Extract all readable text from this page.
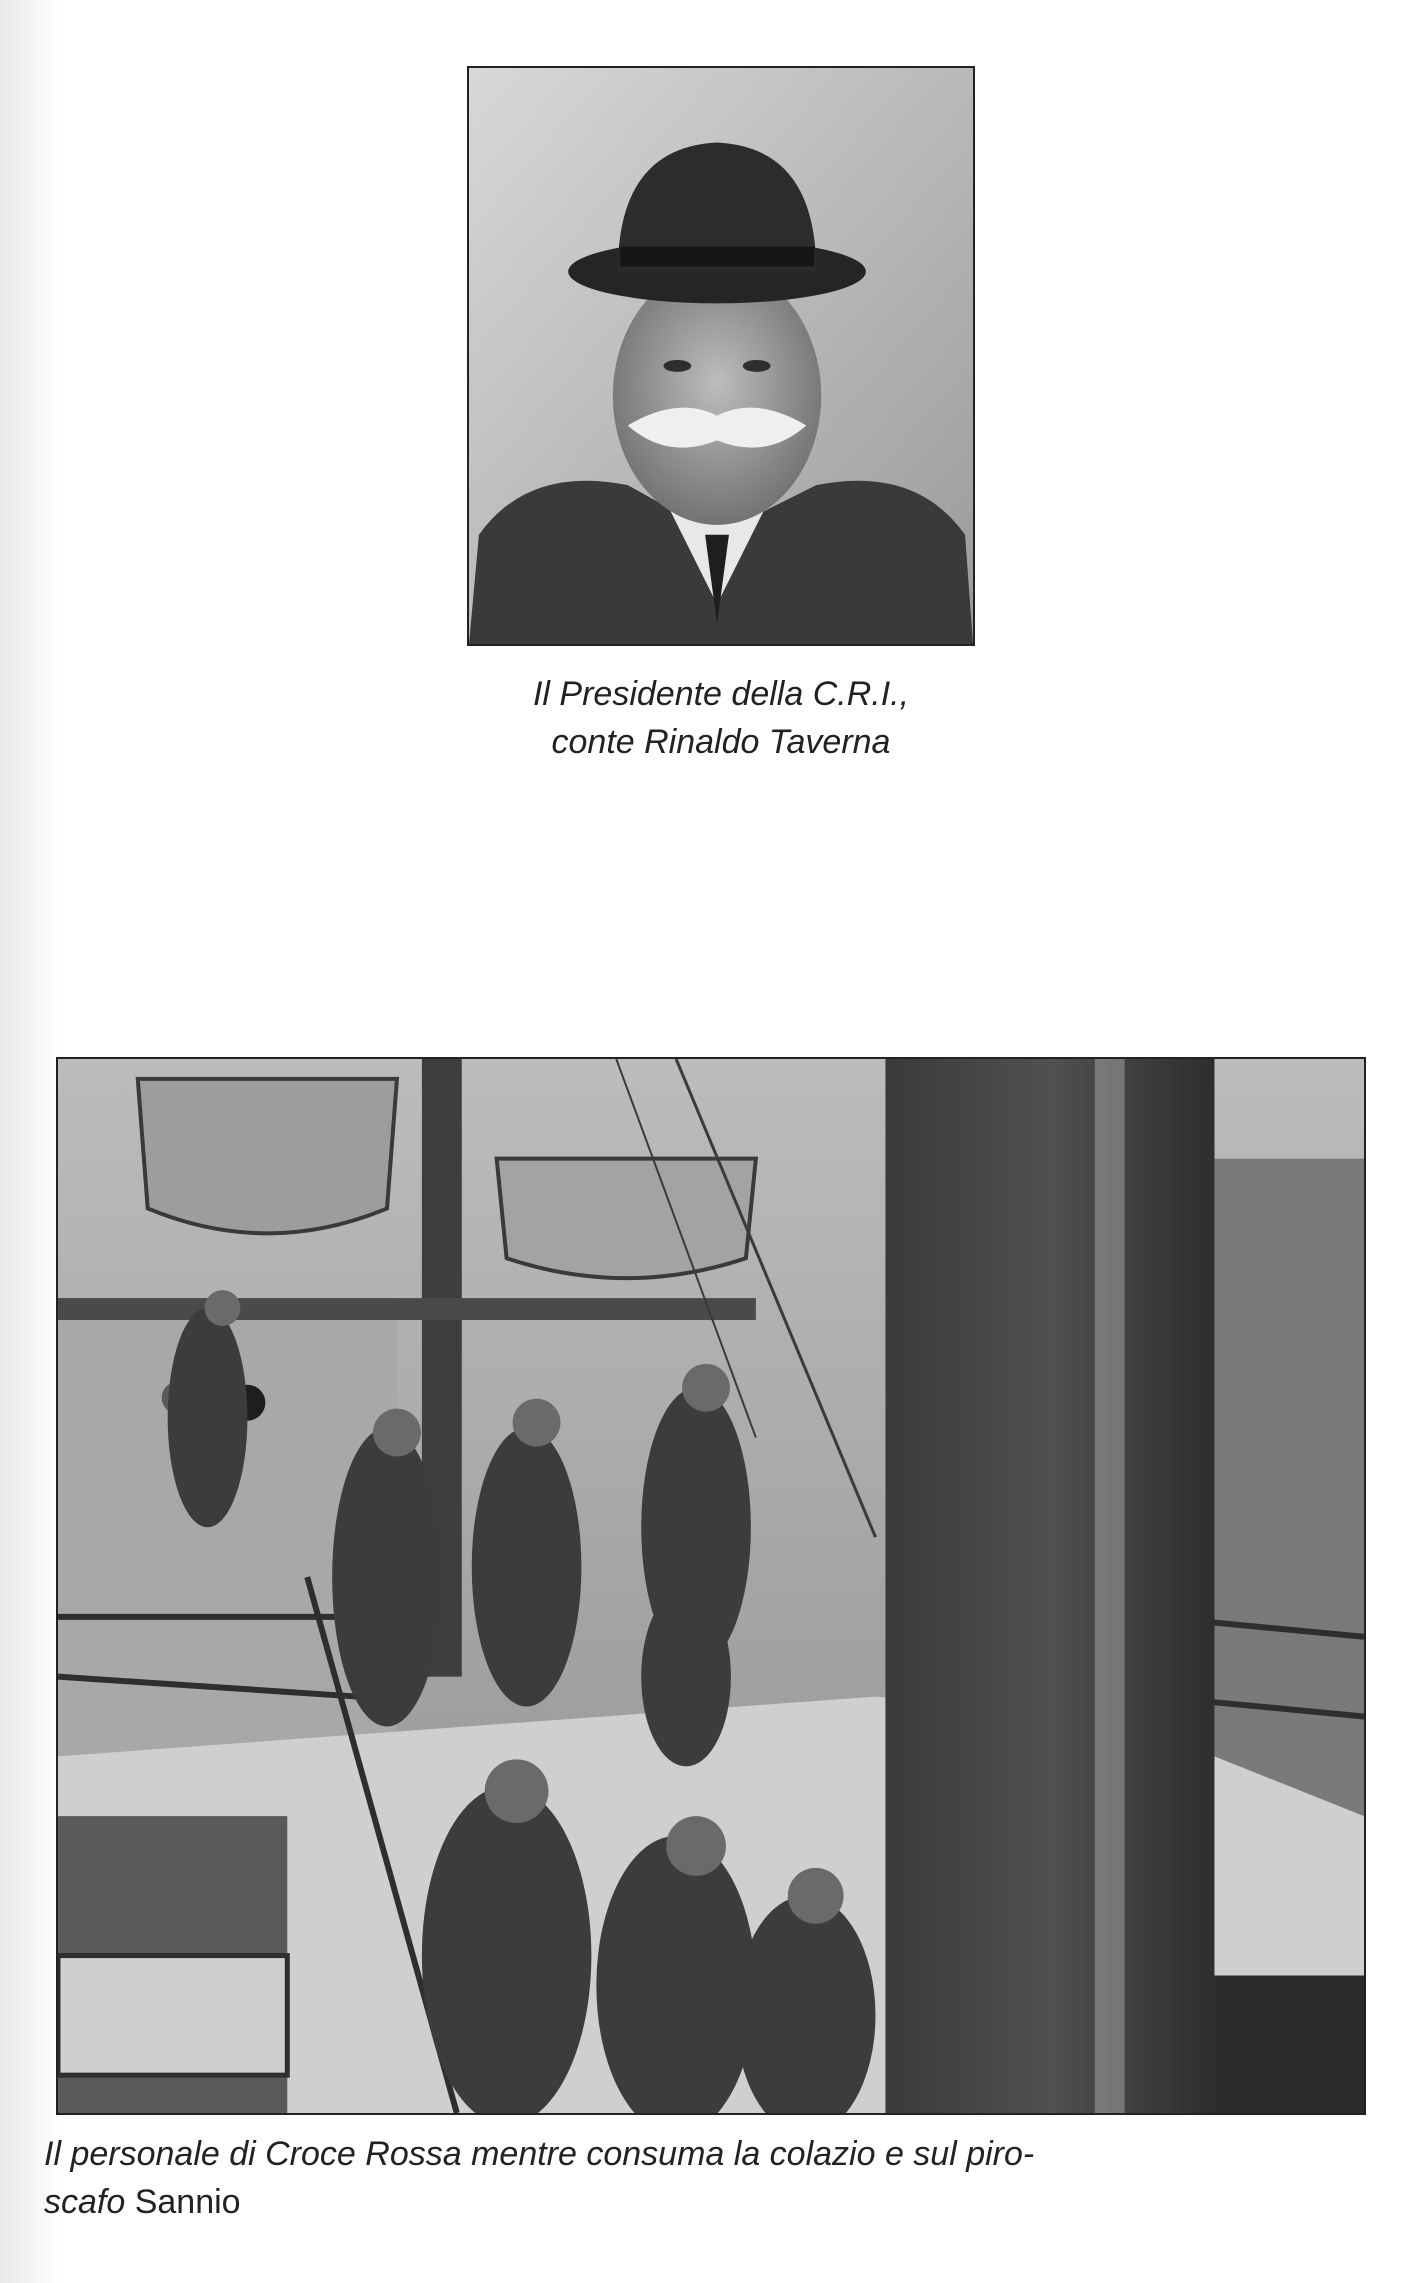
Il Presidente della C.R.I.,
conte Rinaldo Taverna
Il personale di Croce Rossa mentre consuma la colazio e sul piro-
scafo Sannio
